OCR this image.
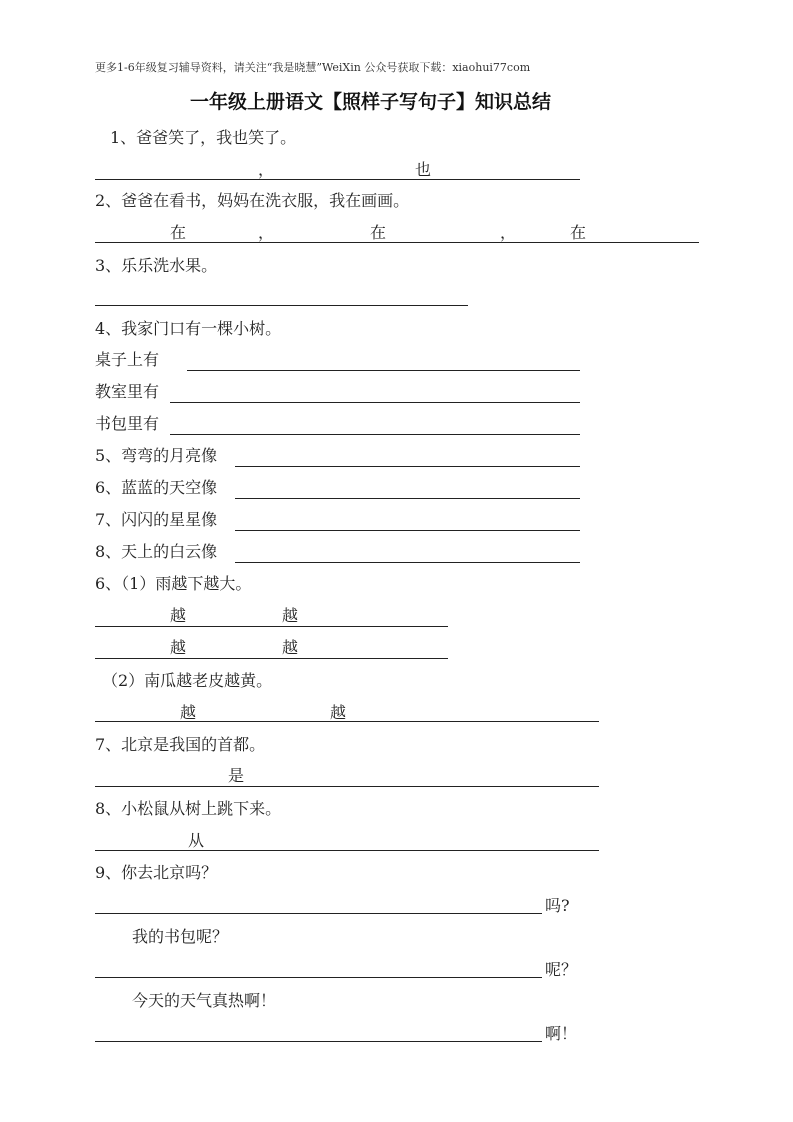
更多1-6年级复习辅导资料，请关注“我是晓慧”WeiXin 公众号获取下载：xiaohui77com
一年级上册语文【照样子写句子】知识总结
1、爸爸笑了，我也笑了。
，	也
2、爸爸在看书，妈妈在洗衣服，我在画画。
在	，	在	，	在
3、乐乐洗水果。
4、我家门口有一棵小树。
桌子上有
教室里有
书包里有
5、弯弯的月亮像
6、蓝蓝的天空像
7、闪闪的星星像
8、天上的白云像
6、（1）雨越下越大。
越	越
越	越
（2）南瓜越老皮越黄。
越	越
7、北京是我国的首都。
是
8、小松鼠从树上跳下来。
从
9、你去北京吗？
吗?
我的书包呢？
呢？
今天的天气真热啊！
啊！
